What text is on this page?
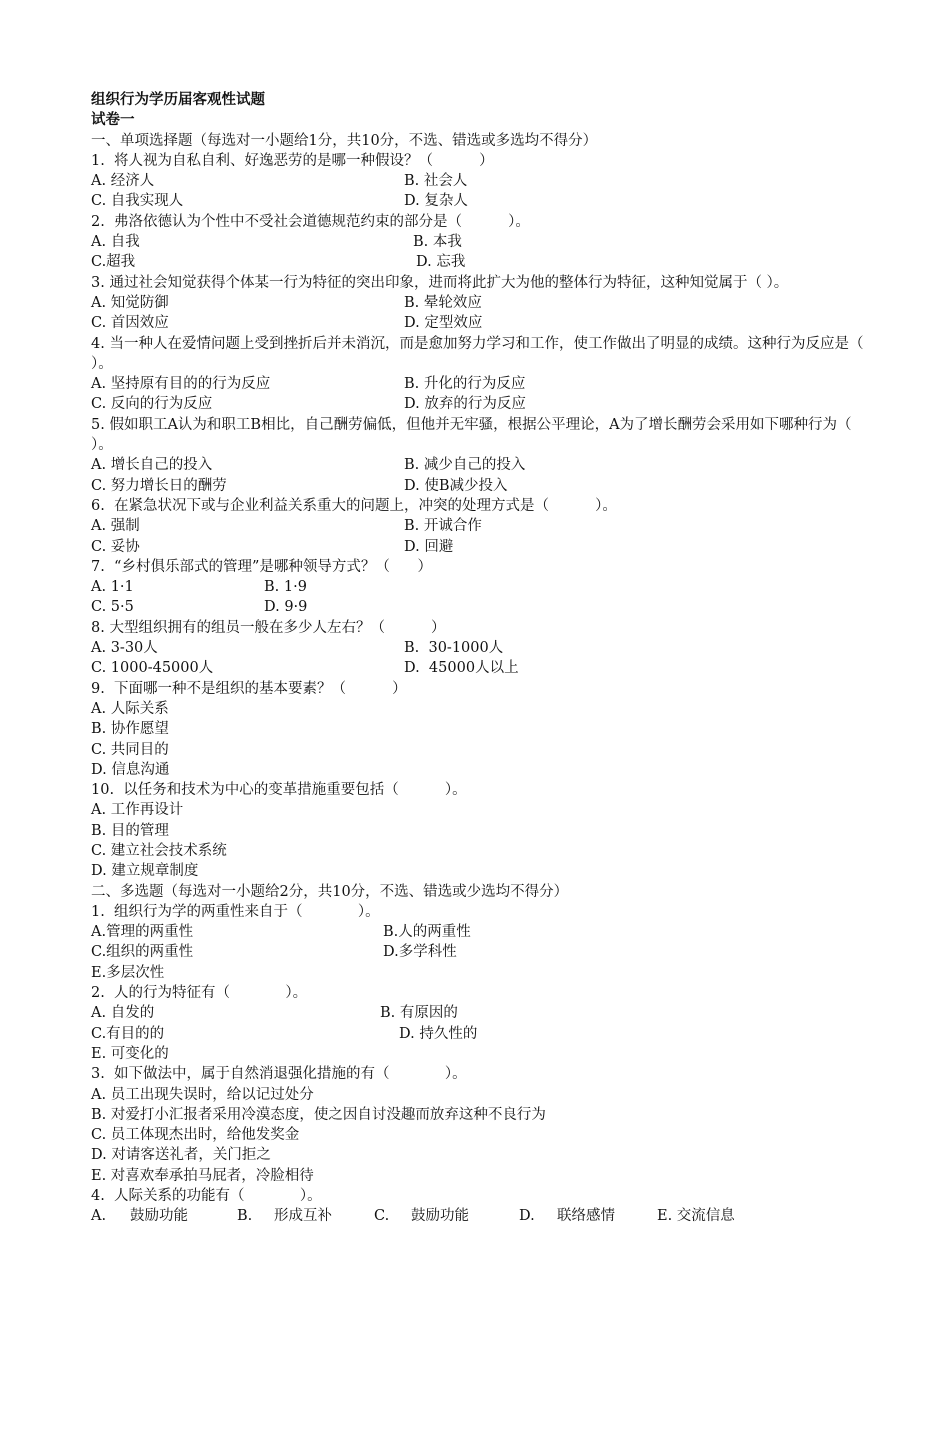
组织行为学历届客观性试题
试卷一
一、单项选择题（每选对一小题给1分，共10分，不选、错选或多选均不得分）
1.  将人视为自私自利、好逸恶劳的是哪一种假设？（          ）
A. 经济人	B. 社会人
C. 自我实现人	D. 复杂人
2.  弗洛依德认为个性中不受社会道德规范约束的部分是（          ）。
A. 自我	B. 本我
C.超我	D. 忘我
3. 通过社会知觉获得个体某一行为特征的突出印象，进而将此扩大为他的整体行为特征，这种知觉属于（ ）。
A. 知觉防御	B. 晕轮效应
C. 首因效应	D. 定型效应
4. 当一种人在爱情问题上受到挫折后并未消沉，而是愈加努力学习和工作，使工作做出了明显的成绩。这种行为反应是（ ）。
A. 坚持原有目的的行为反应	B. 升化的行为反应
C. 反向的行为反应	D. 放弃的行为反应
5. 假如职工A认为和职工B相比，自己酬劳偏低，但他并无牢骚，根据公平理论，A为了增长酬劳会采用如下哪种行为（ ）。
A. 增长自己的投入	B. 减少自己的投入
C. 努力增长日的酬劳	D. 使B减少投入
6.  在紧急状况下或与企业利益关系重大的问题上，冲突的处理方式是（          ）。
A. 强制	B. 开诚合作
C. 妥协	D. 回避
7.  “乡村俱乐部式的管理”是哪种领导方式？（      ）
A. 1·1	B. 1·9
C. 5·5	D. 9·9
8. 大型组织拥有的组员一般在多少人左右？（          ）
A. 3-30人	B.  30-1000人
C. 1000-45000人	D.  45000人以上
9.  下面哪一种不是组织的基本要素？（          ）
A. 人际关系
B. 协作愿望
C. 共同目的
D. 信息沟通
10.  以任务和技术为中心的变革措施重要包括（          ）。
A. 工作再设计
B. 目的管理
C. 建立社会技术系统
D. 建立规章制度
二、多选题（每选对一小题给2分，共10分，不选、错选或少选均不得分）
1.  组织行为学的两重性来自于（            ）。
A.管理的两重性	B.人的两重性
C.组织的两重性	D.多学科性
E.多层次性
2.  人的行为特征有（            ）。
A. 自发的	B. 有原因的
C.有目的的	D. 持久性的
E. 可变化的
3.  如下做法中，属于自然消退强化措施的有（            ）。
A. 员工出现失误时，给以记过处分
B. 对爱打小汇报者采用冷漠态度，使之因自讨没趣而放弃这种不良行为
C. 员工体现杰出时，给他发奖金
D. 对请客送礼者，关门拒之
E. 对喜欢奉承拍马屁者，冷脸相待
4.  人际关系的功能有（            ）。

A.

鼓励功能

	B.

形成互补

	C.

鼓励功能

	D.

联络感情

	E. 交流信息
